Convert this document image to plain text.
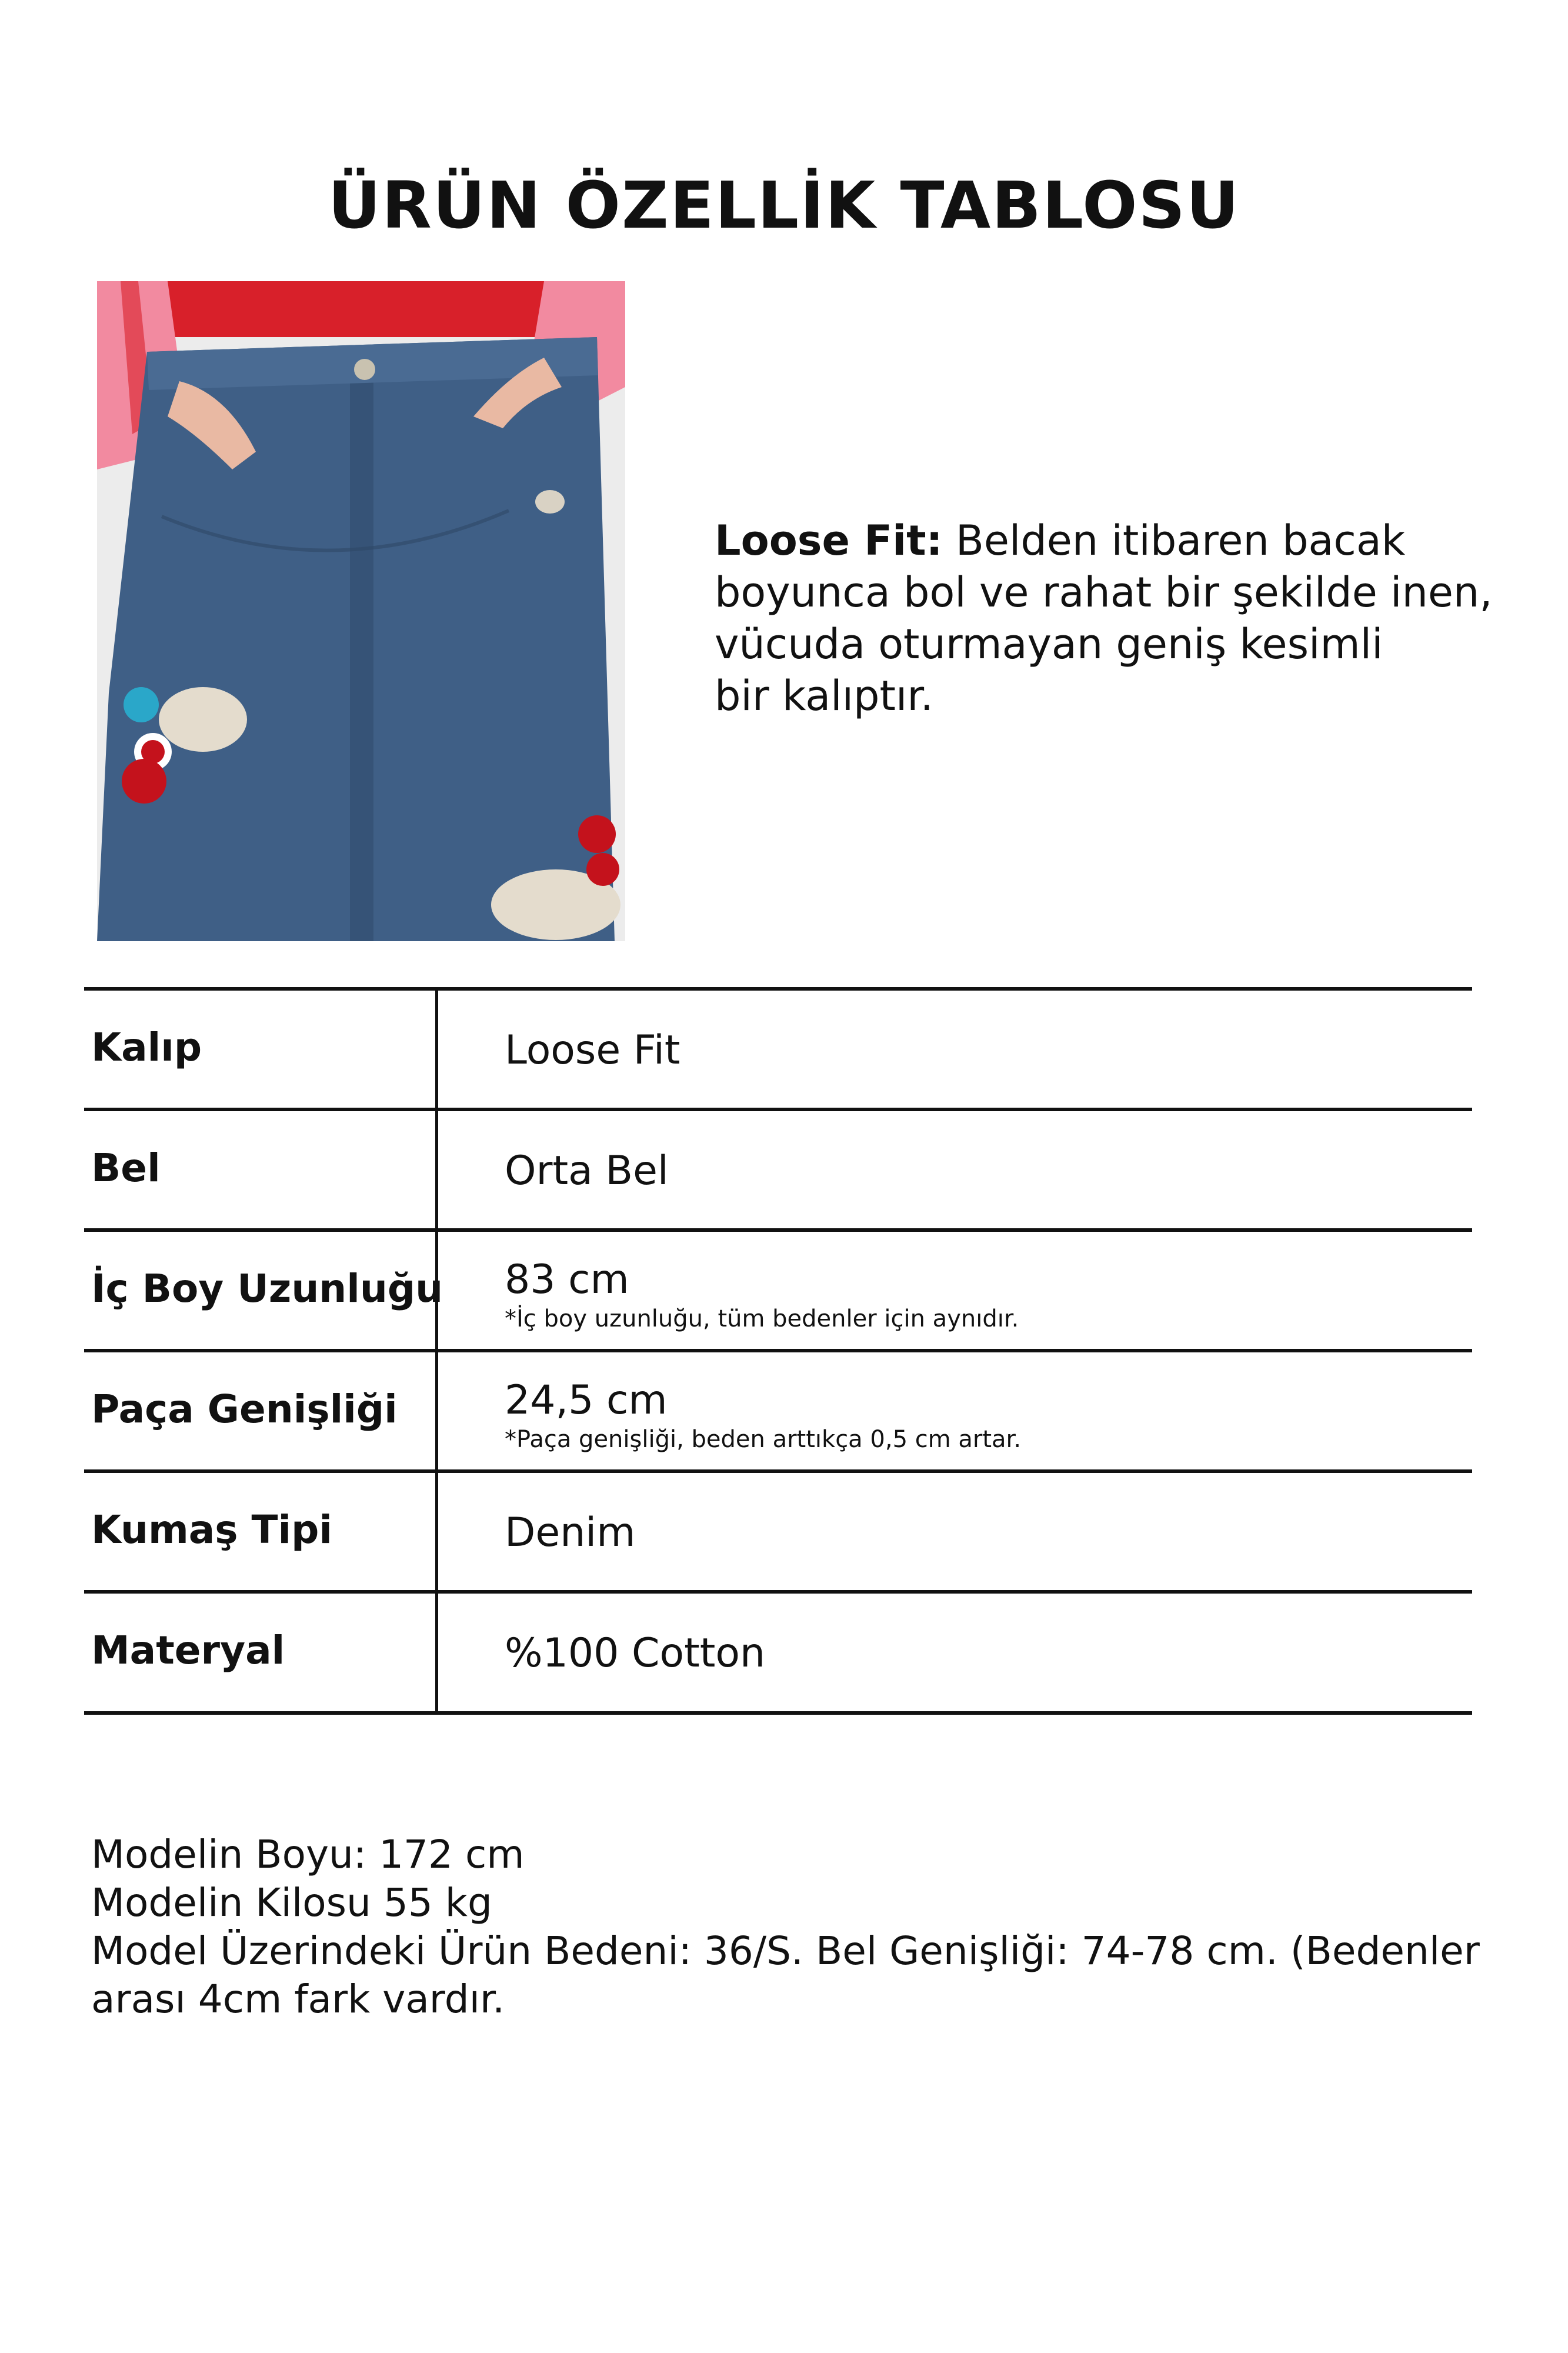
ÜRÜN ÖZELLİK TABLOSU
Loose Fit: Belden itibaren bacak
boyunca bol ve rahat bir şekilde inen,
vücuda oturmayan geniş kesimli
bir kalıptır.
Kalıp	Loose Fit
Bel	Orta Bel
İç Boy Uzunluğu 83 cm
*İç boy uzunluğu, tüm bedenler için aynıdır.
Paça Genişliği	24,5 cm
*Paça genişliği, beden arttıkça 0,5 cm artar.
Kumaş Tipi	Denim
Materyal	%100 Cotton
Modelin Boyu: 172 cm
Modelin Kilosu 55 kg
Model Üzerindeki Ürün Bedeni: 36/S. Bel Genişliği: 74-78 cm. (Bedenler
arası 4cm fark vardır.
